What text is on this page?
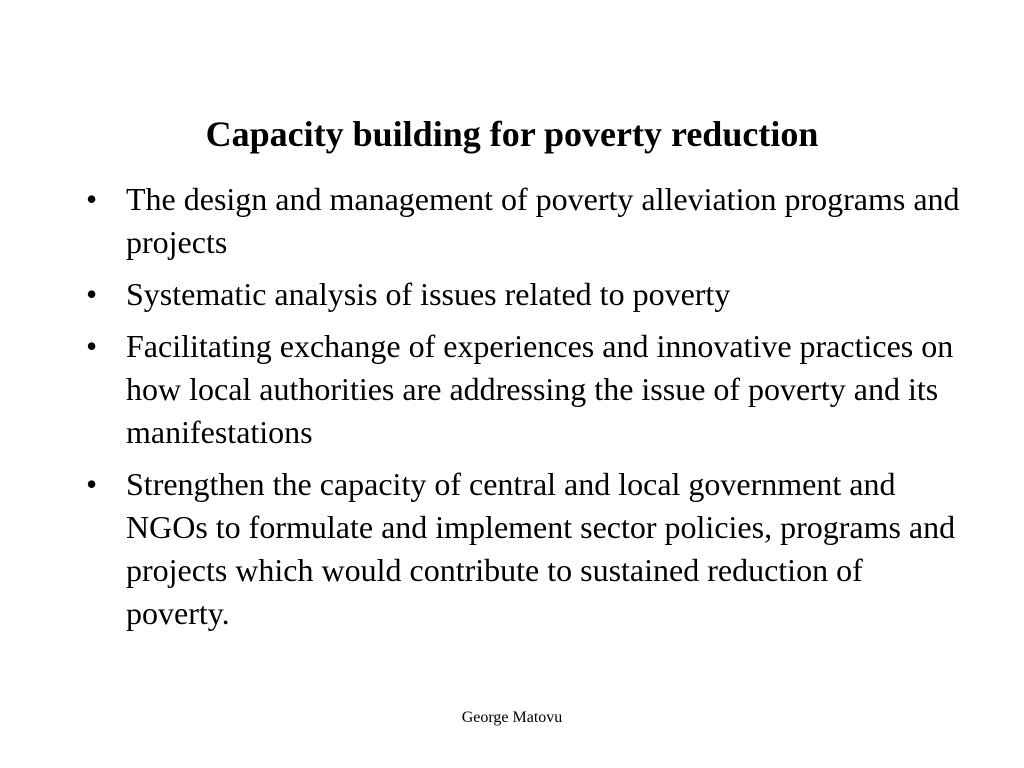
Capacity building for poverty reduction
• The design and management of poverty alleviation programs and projects
• Systematic analysis of issues related to poverty
• Facilitating exchange of experiences and innovative practices on how local authorities are addressing the issue of poverty and its manifestations
• Strengthen the capacity of central and local government and NGOs to formulate and implement sector policies, programs and projects which would contribute to sustained reduction of poverty.
George Matovu
